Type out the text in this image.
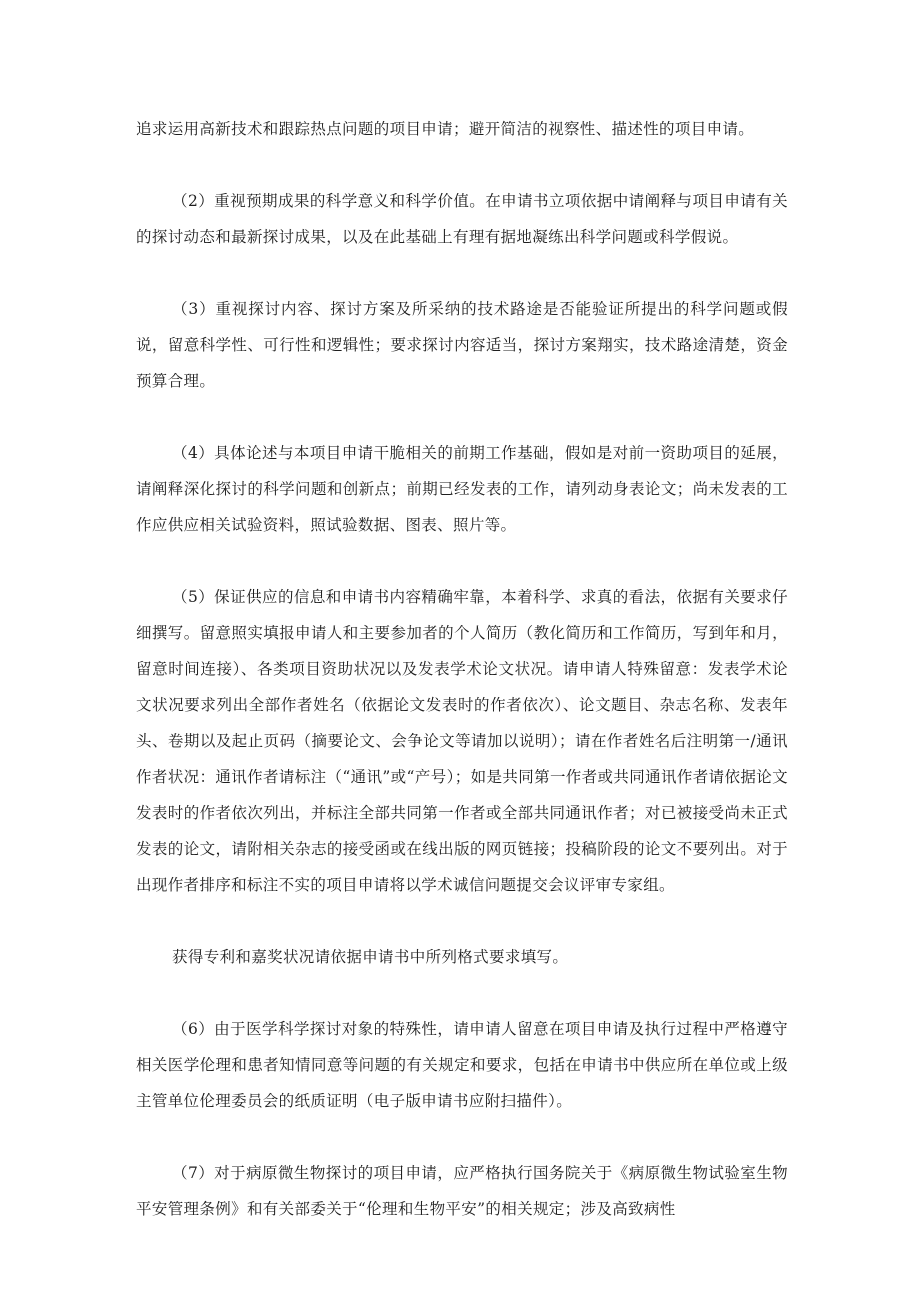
追求运用高新技术和跟踪热点问题的项目申请；避开简洁的视察性、描述性的项目申请。

（2）重视预期成果的科学意义和科学价值。在申请书立项依据中请阐释与项目申请有关的探讨动态和最新探讨成果，以及在此基础上有理有据地凝练出科学问题或科学假说。

（3）重视探讨内容、探讨方案及所采纳的技术路途是否能验证所提出的科学问题或假说，留意科学性、可行性和逻辑性；要求探讨内容适当，探讨方案翔实，技术路途清楚，资金预算合理。

（4）具体论述与本项目申请干脆相关的前期工作基础，假如是对前一资助项目的延展，请阐释深化探讨的科学问题和创新点；前期已经发表的工作，请列动身表论文；尚未发表的工作应供应相关试验资料，照试验数据、图表、照片等。

（5）保证供应的信息和申请书内容精确牢靠，本着科学、求真的看法，依据有关要求仔细撰写。留意照实填报申请人和主要参加者的个人简历（教化简历和工作简历，写到年和月，留意时间连接）、各类项目资助状况以及发表学术论文状况。请申请人特殊留意：发表学术论文状况要求列出全部作者姓名（依据论文发表时的作者依次）、论文题目、杂志名称、发表年头、卷期以及起止页码（摘要论文、会争论文等请加以说明）；请在作者姓名后注明第一/通讯作者状况：通讯作者请标注（“通讯”或“产号）；如是共同第一作者或共同通讯作者请依据论文发表时的作者依次列出，并标注全部共同第一作者或全部共同通讯作者；对已被接受尚未正式发表的论文，请附相关杂志的接受函或在线出版的网页链接；投稿阶段的论文不要列出。对于出现作者排序和标注不实的项目申请将以学术诚信问题提交会议评审专家组。

获得专利和嘉奖状况请依据申请书中所列格式要求填写。

（6）由于医学科学探讨对象的特殊性，请申请人留意在项目申请及执行过程中严格遵守相关医学伦理和患者知情同意等问题的有关规定和要求，包括在申请书中供应所在单位或上级主管单位伦理委员会的纸质证明（电子版申请书应附扫描件）。

（7）对于病原微生物探讨的项目申请，应严格执行国务院关于《病原微生物试验室生物平安管理条例》和有关部委关于“伦理和生物平安”的相关规定；涉及高致病性
